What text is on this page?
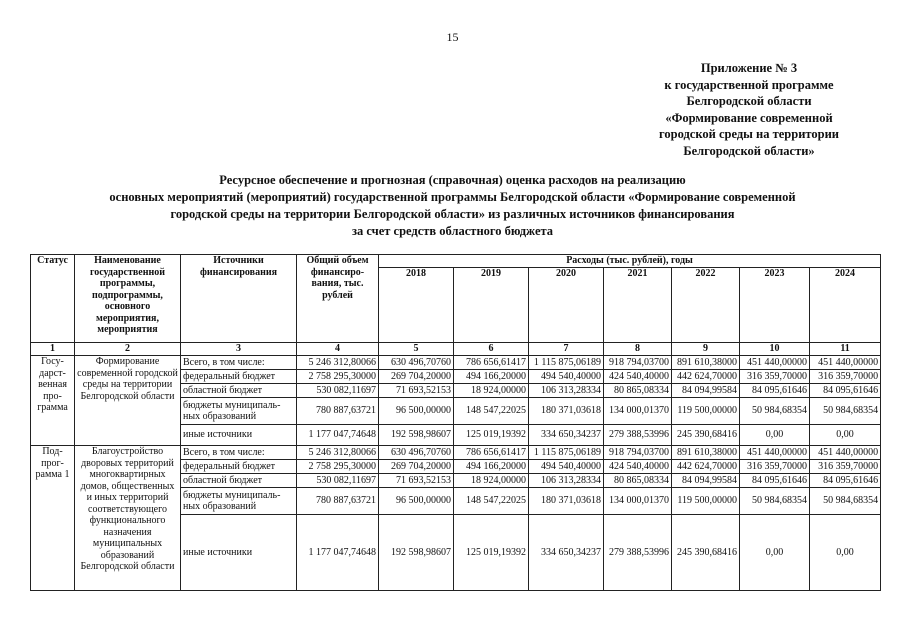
15
Приложение № 3
к государственной программе
Белгородской области
«Формирование современной
городской среды на территории
Белгородской области»
Ресурсное обеспечение и прогнозная (справочная) оценка расходов на реализацию
основных мероприятий (мероприятий) государственной программы Белгородской области «Формирование современной
городской среды на территории Белгородской области» из различных источников финансирования
за счет средств областного бюджета
Статус	Наименование государственной программы, подпрограммы, основного мероприятия, мероприятия	Источники финансирования	Общий объем финансиро-вания, тыс. рублей	Расходы (тыс. рублей), годы						
				2018	2019	2020	2021	2022	2023	2024
1	2	3	4	5	6	7	8	9	10	11
Госу-дарст-венная про-грамма	Формирование современной городской среды на территории Белгородской области	Всего, в том числе:	5 246 312,80066	630 496,70760	786 656,61417	1 115 875,06189	918 794,03700	891 610,38000	451 440,00000	451 440,00000
		федеральный бюджет	2 758 295,30000	269 704,20000	494 166,20000	494 540,40000	424 540,40000	442 624,70000	316 359,70000	316 359,70000
		областной бюджет	530 082,11697	71 693,52153	18 924,00000	106 313,28334	80 865,08334	84 094,99584	84 095,61646	84 095,61646
		бюджеты муниципаль-ных образований	780 887,63721	96 500,00000	148 547,22025	180 371,03618	134 000,01370	119 500,00000	50 984,68354	50 984,68354
		иные источники	1 177 047,74648	192 598,98607	125 019,19392	334 650,34237	279 388,53996	245 390,68416	0,00	0,00
Под-прог-рамма 1	Благоустройство дворовых территорий многоквартирных домов, общественных и иных территорий соответствующего функционального назначения муниципальных образований Белгородской области	Всего, в том числе:	5 246 312,80066	630 496,70760	786 656,61417	1 115 875,06189	918 794,03700	891 610,38000	451 440,00000	451 440,00000
		федеральный бюджет	2 758 295,30000	269 704,20000	494 166,20000	494 540,40000	424 540,40000	442 624,70000	316 359,70000	316 359,70000
		областной бюджет	530 082,11697	71 693,52153	18 924,00000	106 313,28334	80 865,08334	84 094,99584	84 095,61646	84 095,61646
		бюджеты муниципаль-ных образований	780 887,63721	96 500,00000	148 547,22025	180 371,03618	134 000,01370	119 500,00000	50 984,68354	50 984,68354
		иные источники	1 177 047,74648	192 598,98607	125 019,19392	334 650,34237	279 388,53996	245 390,68416	0,00	0,00
